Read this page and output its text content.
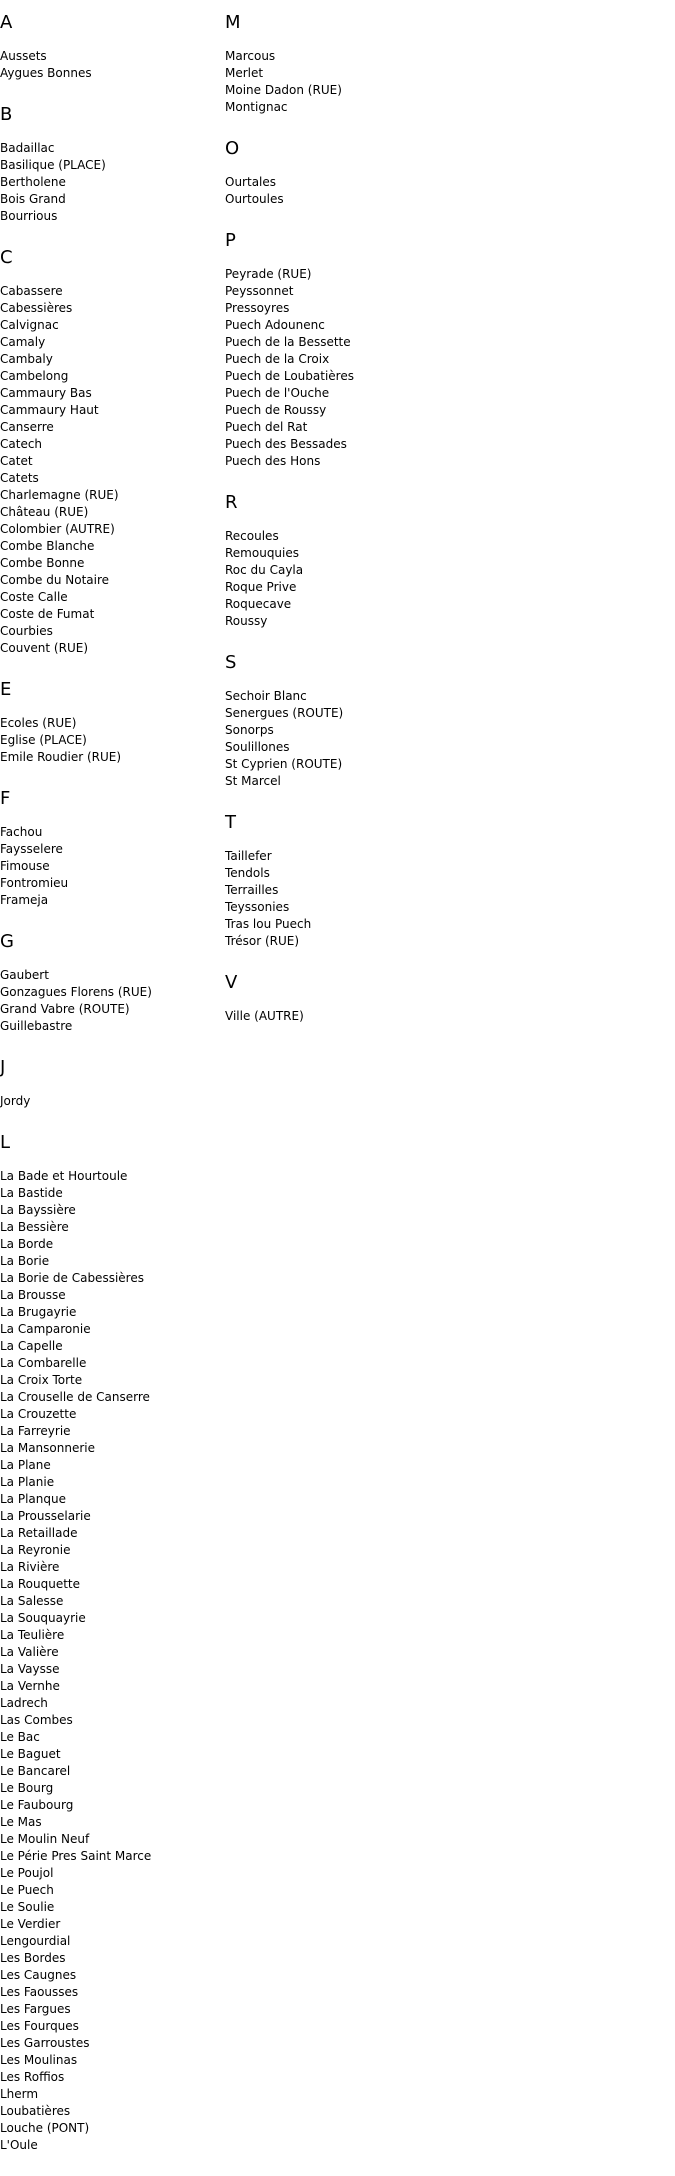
A
Aussets
Aygues Bonnes
B
Badaillac
Basilique (PLACE)
Bertholene
Bois Grand
Bourrious
C
Cabassere
Cabessières
Calvignac
Camaly
Cambaly
Cambelong
Cammaury Bas
Cammaury Haut
Canserre
Catech
Catet
Catets
Charlemagne (RUE)
Château (RUE)
Colombier (AUTRE)
Combe Blanche
Combe Bonne
Combe du Notaire
Coste Calle
Coste de Fumat
Courbies
Couvent (RUE)
E
Ecoles (RUE)
Eglise (PLACE)
Emile Roudier (RUE)
F
Fachou
Faysselere
Fimouse
Fontromieu
Frameja
G
Gaubert
Gonzagues Florens (RUE)
Grand Vabre (ROUTE)
Guillebastre
J
Jordy
L
La Bade et Hourtoule
La Bastide
La Bayssière
La Bessière
La Borde
La Borie
La Borie de Cabessières
La Brousse
La Brugayrie
La Camparonie
La Capelle
La Combarelle
La Croix Torte
La Crouselle de Canserre
La Crouzette
La Farreyrie
La Mansonnerie
La Plane
La Planie
La Planque
La Prousselarie
La Retaillade
La Reyronie
La Rivière
La Rouquette
La Salesse
La Souquayrie
La Teulière
La Valière
La Vaysse
La Vernhe
Ladrech
Las Combes
Le Bac
Le Baguet
Le Bancarel
Le Bourg
Le Faubourg
Le Mas
Le Moulin Neuf
Le Périe Pres Saint Marce
Le Poujol
Le Puech
Le Soulie
Le Verdier
Lengourdial
Les Bordes
Les Caugnes
Les Faousses
Les Fargues
Les Fourques
Les Garroustes
Les Moulinas
Les Roffios
Lherm
Loubatières
Louche (PONT)
L'Oule
M
Marcous
Merlet
Moine Dadon (RUE)
Montignac
O
Ourtales
Ourtoules
P
Peyrade (RUE)
Peyssonnet
Pressoyres
Puech Adounenc
Puech de la Bessette
Puech de la Croix
Puech de Loubatières
Puech de l'Ouche
Puech de Roussy
Puech del Rat
Puech des Bessades
Puech des Hons
R
Recoules
Remouquies
Roc du Cayla
Roque Prive
Roquecave
Roussy
S
Sechoir Blanc
Senergues (ROUTE)
Sonorps
Soulillones
St Cyprien (ROUTE)
St Marcel
T
Taillefer
Tendols
Terrailles
Teyssonies
Tras lou Puech
Trésor (RUE)
V
Ville (AUTRE)
